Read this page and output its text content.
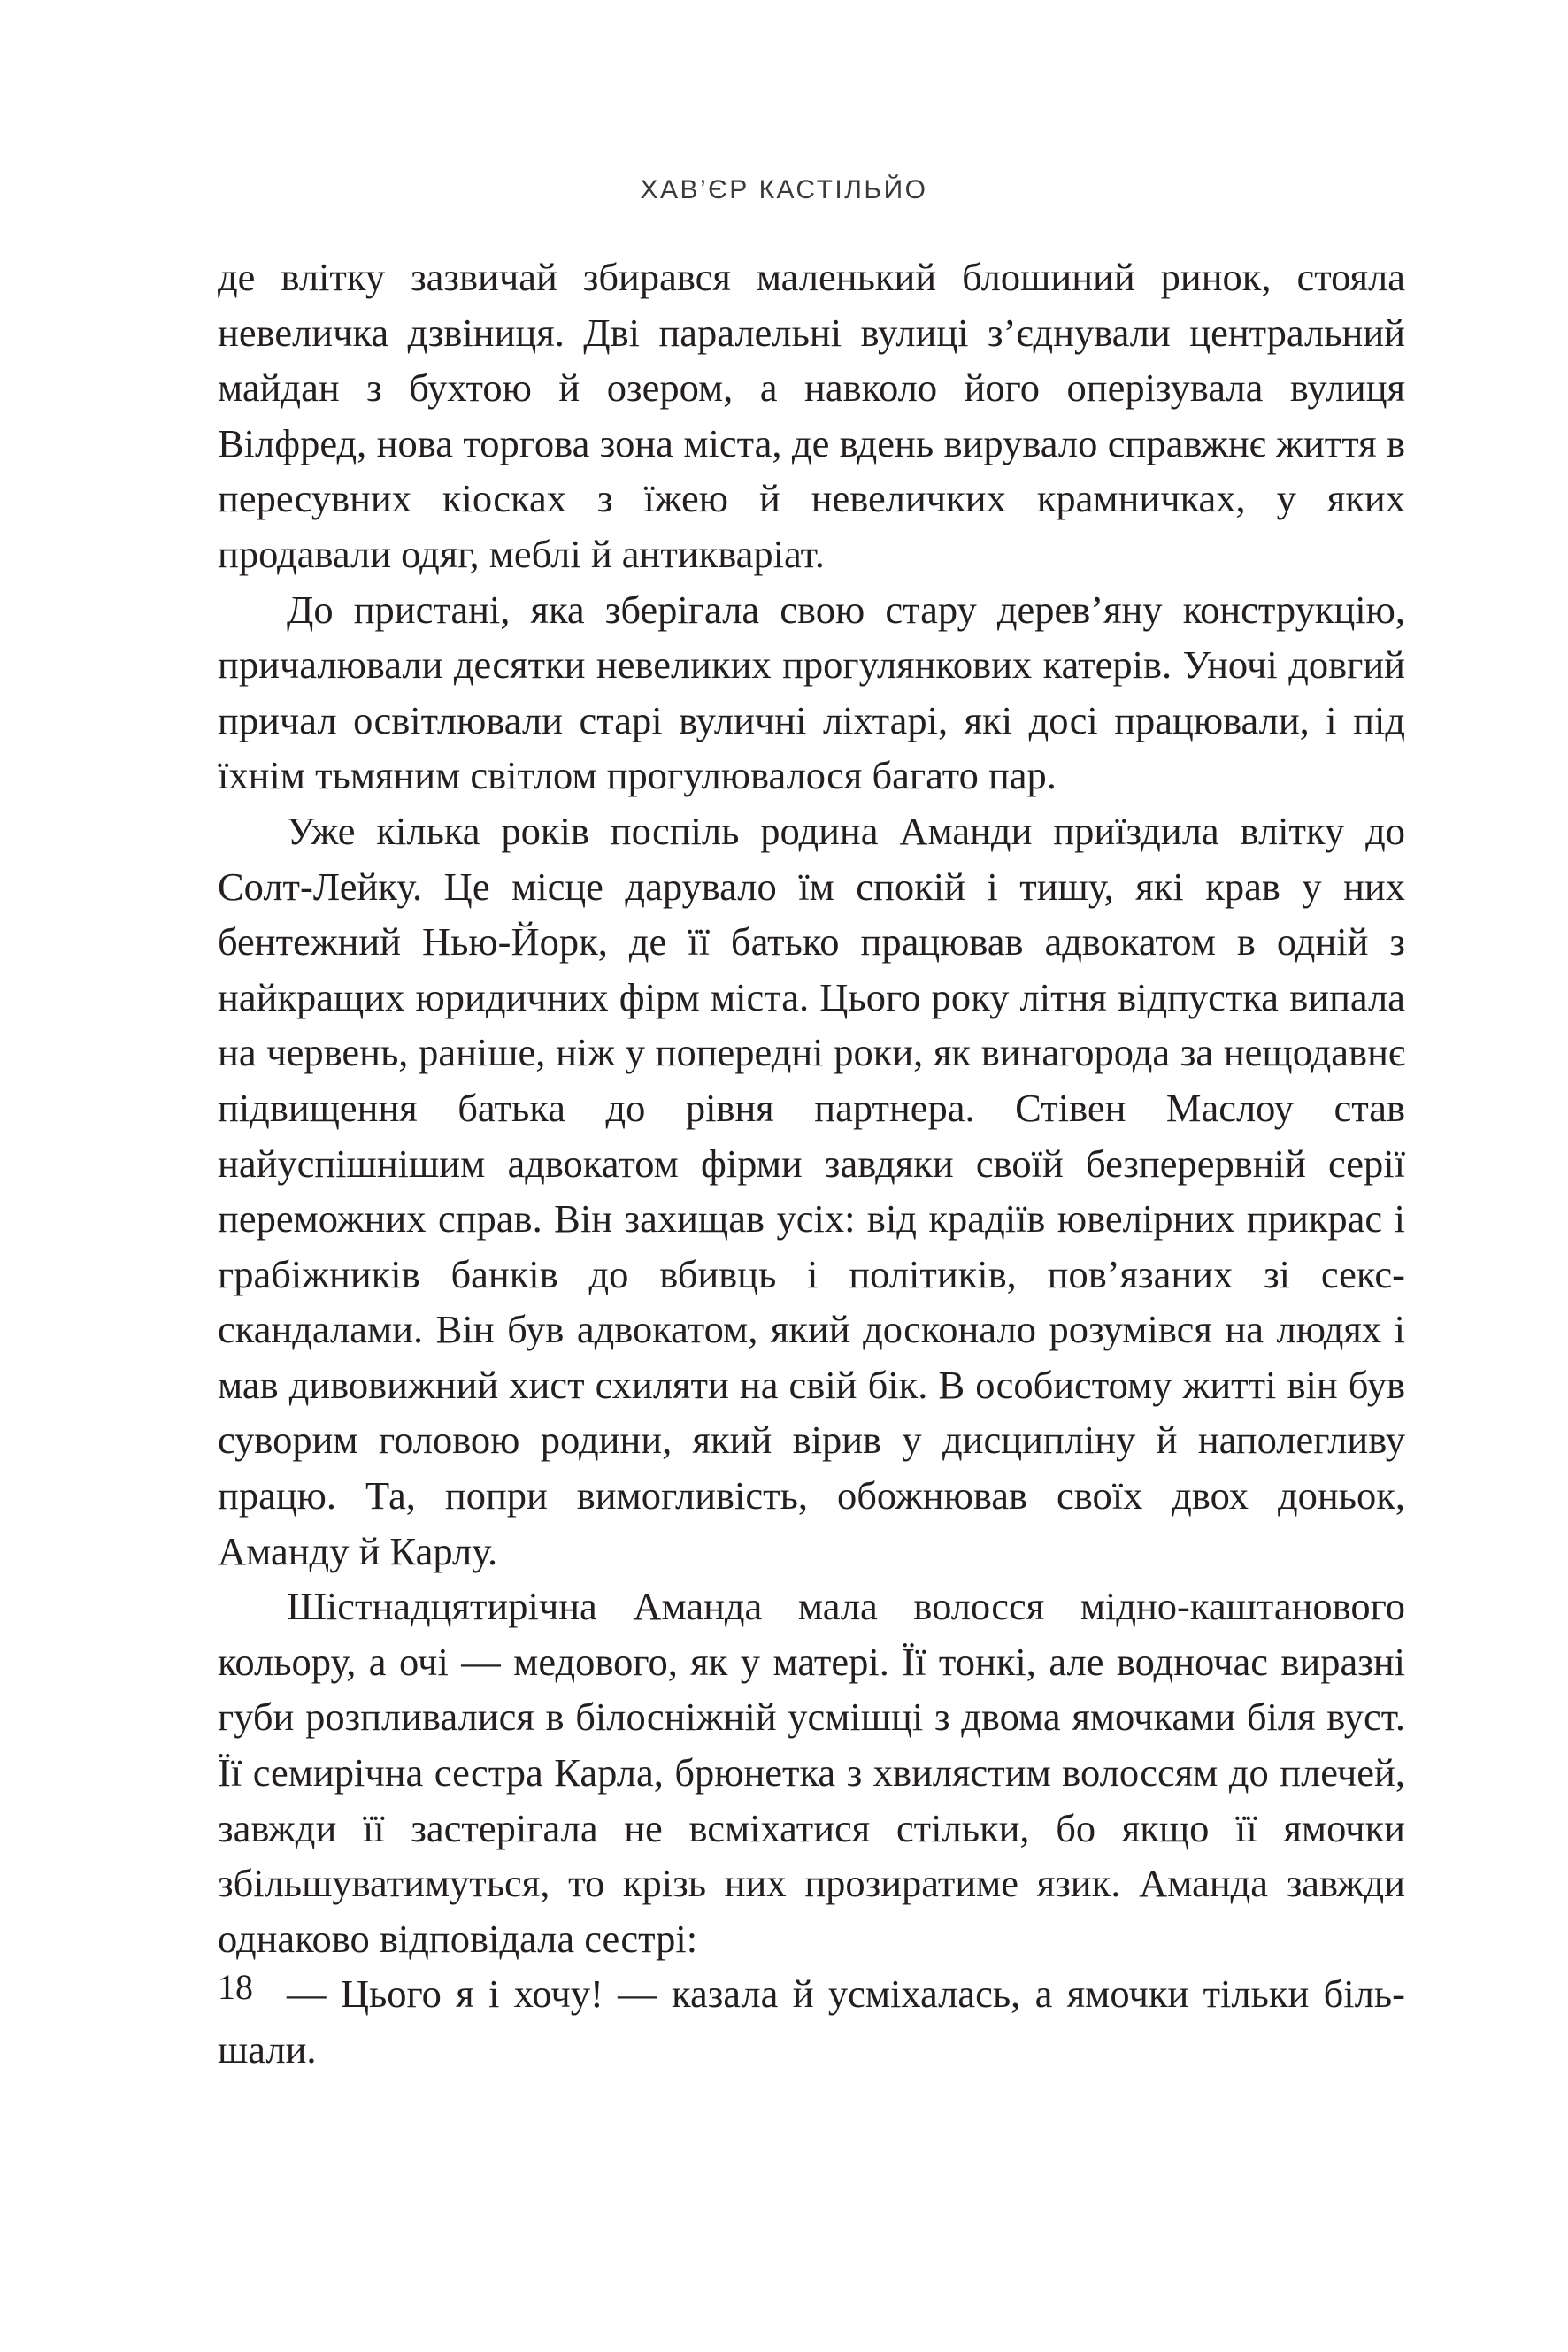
ХАВ’ЄР КАСТІЛЬЙО

де влітку зазвичай збирався маленький блошиний ринок, стояла невеличка дзвіниця. Дві паралельні вулиці з’єднували центральний майдан з бухтою й озером, а навколо його оперізувала вулиця Вілфред, нова торгова зона міста, де вдень вирувало справжнє життя в пересувних кіосках з їжею й невеличких крамничках, у яких продавали одяг, меблі й антикваріат.

До пристані, яка зберігала свою стару дерев’яну конструкцію, причалювали десятки невеликих прогулянкових катерів. Уночі довгий причал освітлювали старі вуличні ліхтарі, які досі працювали, і під їхнім тьмяним світлом прогулювалося багато пар.

Уже кілька років поспіль родина Аманди приїздила влітку до Солт-Лейку. Це місце дарувало їм спокій і тишу, які крав у них бентежний Нью-Йорк, де її батько працював адвокатом в одній з найкращих юридичних фірм міста. Цього року літня відпустка випала на червень, раніше, ніж у попередні роки, як винагорода за нещодавнє підвищення батька до рівня партнера. Стівен Маслоу став найуспішнішим адвокатом фірми завдяки своїй безперервній серії переможних справ. Він захищав усіх: від крадіїв ювелірних прикрас і грабіжників банків до вбивць і політиків, пов’язаних зі секс-скандалами. Він був адвокатом, який досконало розумівся на людях і мав дивовижний хист схиляти на свій бік. В особистому житті він був суворим головою родини, який вірив у дисципліну й наполегливу працю. Та, попри вимогливість, обожнював своїх двох доньок, Аманду й Карлу.

Шістнадцятирічна Аманда мала волосся мідно-каштанового кольору, а очі — медового, як у матері. Її тонкі, але водночас виразні губи розпливалися в білосніжній усмішці з двома ямочками біля вуст. Її семирічна сестра Карла, брюнетка з хвилястим волоссям до плечей, завжди її застерігала не всміхатися стільки, бо якщо її ямочки збільшуватимуться, то крізь них прозиратиме язик. Аманда завжди однаково відповідала сестрі:

— Цього я і хочу! — казала й усміхалась, а ямочки тільки більшали.

18
